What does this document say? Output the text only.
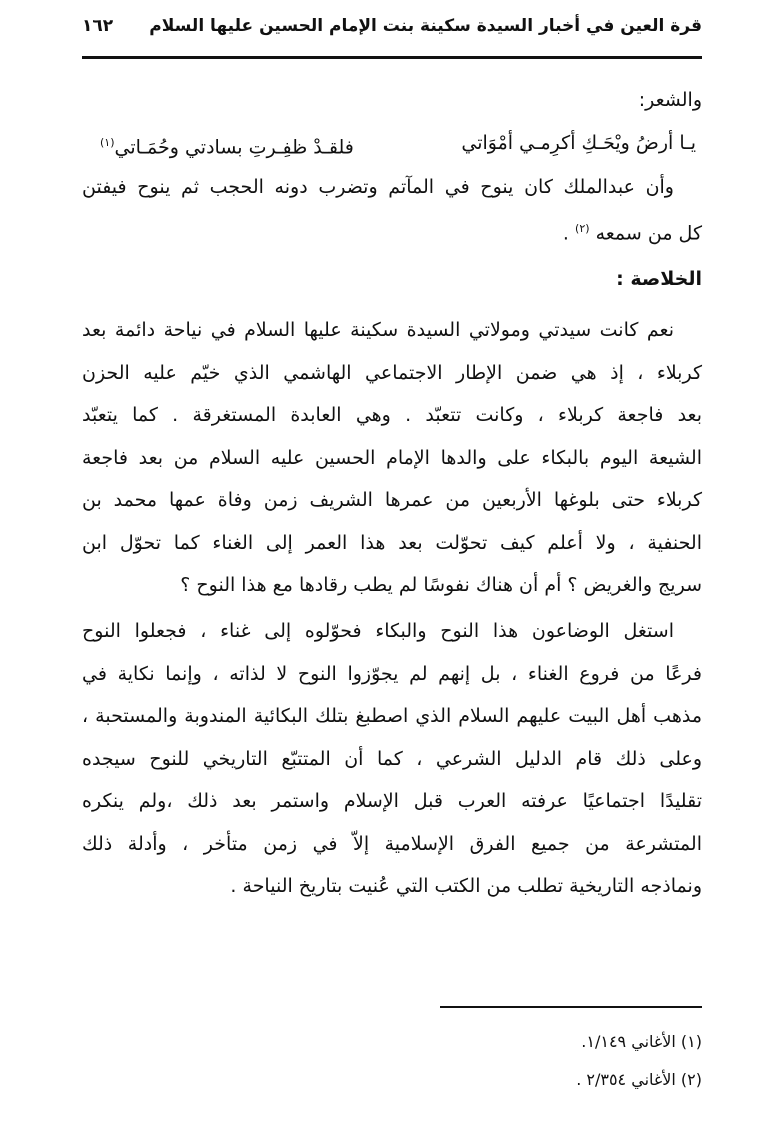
قرة العين في أخبار السيدة سكينة بنت الإمام الحسين عليها السلام
١٦٢
والشعر:
يـا أرضُ ويْحَـكِ أكرِمـي أمْوَاتي
فلقـدْ ظفِـرتِ بسادتي وحُمَـاتي$^{(١)}$
وأن عبدالملك كان ينوح في المآتم وتضرب دونه الحجب ثم ينوح فيفتن
كل من سمعه $^{(٢)}$ .
الخلاصة :
(١) الأغاني ١/١٤٩.
(٢) الأغاني ٢/٣٥٤ .
نعم كانت سيدتي ومولاتي السيدة سكينة عليها السلام في نياحة دائمة بعد
كربلاء ، إذ هي ضمن الإطار الاجتماعي الهاشمي الذي خيّم عليه الحزن
بعد فاجعة كربلاء ، وكانت تتعبّد . وهي العابدة المستغرقة . كما يتعبّد
الشيعة اليوم بالبكاء على والدها الإمام الحسين عليه السلام من بعد فاجعة
كربلاء حتى بلوغها الأربعين من عمرها الشريف زمن وفاة عمها محمد بن
الحنفية ، ولا أعلم كيف تحوّلت بعد هذا العمر إلى الغناء كما تحوّل ابن
سريج والغريض ؟ أم أن هناك نفوسًا لم يطب رقادها مع هذا النوح ؟
استغل الوضاعون هذا النوح والبكاء فحوّلوه إلى غناء ، فجعلوا النوح
فرعًا من فروع الغناء ، بل إنهم لم يجوّزوا النوح لا لذاته ، وإنما نكاية في
مذهب أهل البيت عليهم السلام الذي اصطبغ بتلك البكائية المندوبة والمستحبة ،
وعلى ذلك قام الدليل الشرعي ، كما أن المتتبّع التاريخي للنوح سيجده
تقليدًا اجتماعيًا عرفته العرب قبل الإسلام واستمر بعد ذلك ،ولم ينكره
المتشرعة من جميع الفرق الإسلامية إلاّ في زمن متأخر ، وأدلة ذلك
ونماذجه التاريخية تطلب من الكتب التي عُنيت بتاريخ النياحة .
